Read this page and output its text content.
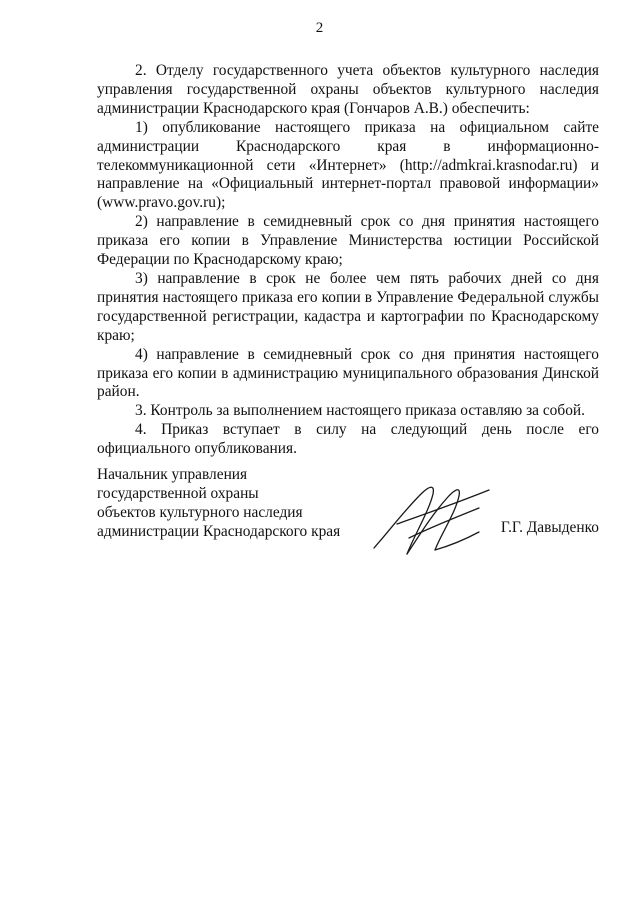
2

2. Отделу государственного учета объектов культурного наследия управления государственной охраны объектов культурного наследия администрации Краснодарского края (Гончаров А.В.) обеспечить:

1) опубликование настоящего приказа на официальном сайте администрации Краснодарского края в информационно-телекоммуникационной сети «Интернет» (http://admkrai.krasnodar.ru) и направление на «Официальный интернет-портал правовой информации» (www.pravo.gov.ru);

2) направление в семидневный срок со дня принятия настоящего приказа его копии в Управление Министерства юстиции Российской Федерации по Краснодарскому краю;

3) направление в срок не более чем пять рабочих дней со дня принятия настоящего приказа его копии в Управление Федеральной службы государственной регистрации, кадастра и картографии по Краснодарскому краю;

4) направление в семидневный срок со дня принятия настоящего приказа его копии в администрацию муниципального образования Динской район.

3. Контроль за выполнением настоящего приказа оставляю за собой.

4. Приказ вступает в силу на следующий день после его официального опубликования.

Начальник управления
государственной охраны
объектов культурного наследия
администрации Краснодарского края	Г.Г. Давыденко
